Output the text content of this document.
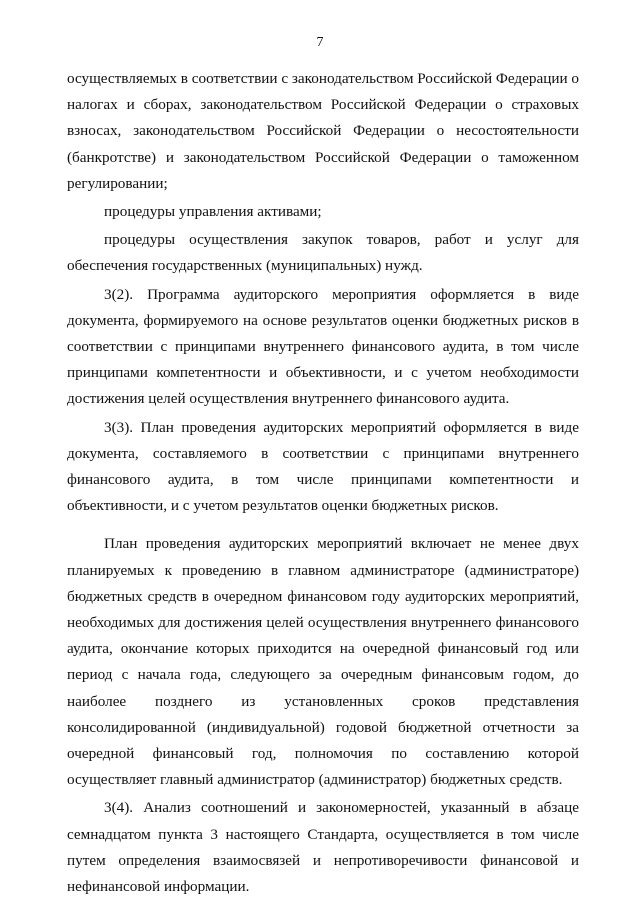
7

осуществляемых в соответствии с законодательством Российской Федерации о налогах и сборах, законодательством Российской Федерации о страховых взносах, законодательством Российской Федерации о несостоятельности (банкротстве) и законодательством Российской Федерации о таможенном регулировании;

процедуры управления активами;

процедуры осуществления закупок товаров, работ и услуг для обеспечения государственных (муниципальных) нужд.

3(2). Программа аудиторского мероприятия оформляется в виде документа, формируемого на основе результатов оценки бюджетных рисков в соответствии с принципами внутреннего финансового аудита, в том числе принципами компетентности и объективности, и с учетом необходимости достижения целей осуществления внутреннего финансового аудита.

3(3). План проведения аудиторских мероприятий оформляется в виде документа, составляемого в соответствии с принципами внутреннего финансового аудита, в том числе принципами компетентности и объективности, и с учетом результатов оценки бюджетных рисков.

План проведения аудиторских мероприятий включает не менее двух планируемых к проведению в главном администраторе (администраторе) бюджетных средств в очередном финансовом году аудиторских мероприятий, необходимых для достижения целей осуществления внутреннего финансового аудита, окончание которых приходится на очередной финансовый год или период с начала года, следующего за очередным финансовым годом, до наиболее позднего из установленных сроков представления консолидированной (индивидуальной) годовой бюджетной отчетности за очередной финансовый год, полномочия по составлению которой осуществляет главный администратор (администратор) бюджетных средств.

3(4). Анализ соотношений и закономерностей, указанный в абзаце семнадцатом пункта 3 настоящего Стандарта, осуществляется в том числе путем определения взаимосвязей и непротиворечивости финансовой и нефинансовой информации.
